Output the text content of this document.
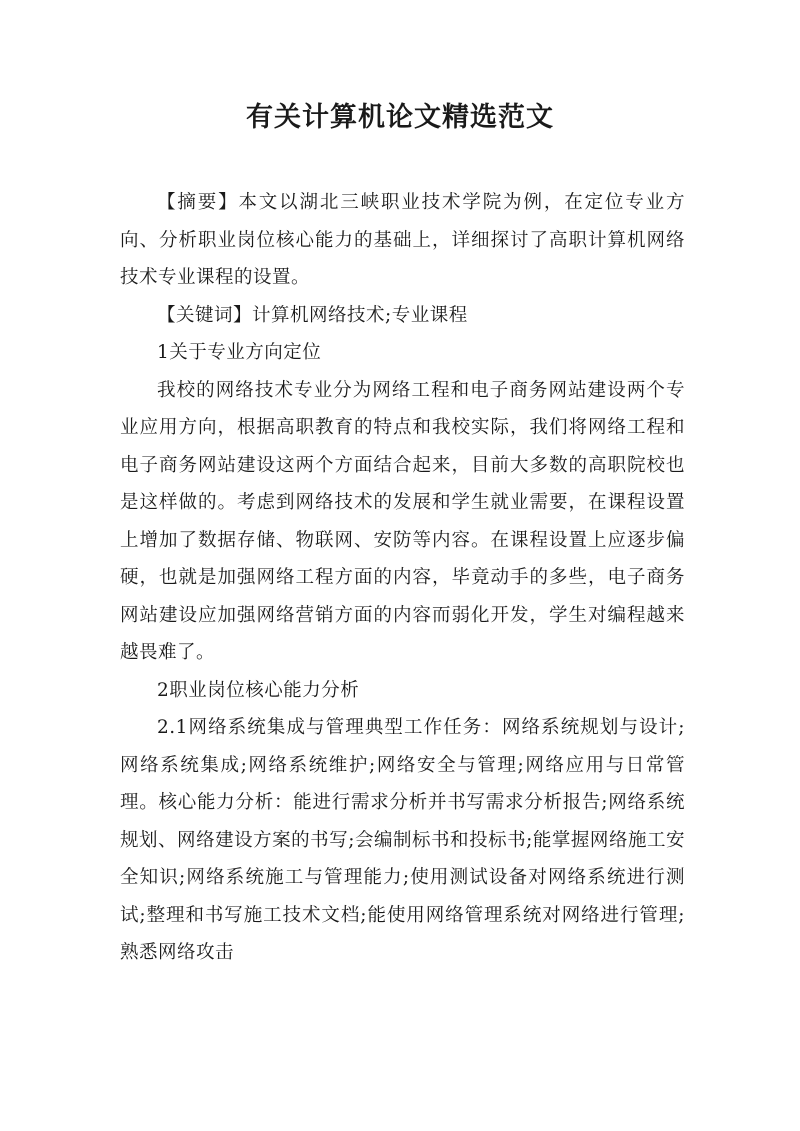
有关计算机论文精选范文

【摘要】本文以湖北三峡职业技术学院为例，在定位专业方向、分析职业岗位核心能力的基础上，详细探讨了高职计算机网络技术专业课程的设置。

【关键词】计算机网络技术;专业课程

1关于专业方向定位

我校的网络技术专业分为网络工程和电子商务网站建设两个专业应用方向，根据高职教育的特点和我校实际，我们将网络工程和电子商务网站建设这两个方面结合起来，目前大多数的高职院校也是这样做的。考虑到网络技术的发展和学生就业需要，在课程设置上增加了数据存储、物联网、安防等内容。在课程设置上应逐步偏硬，也就是加强网络工程方面的内容，毕竟动手的多些，电子商务网站建设应加强网络营销方面的内容而弱化开发，学生对编程越来越畏难了。

2职业岗位核心能力分析

2.1网络系统集成与管理典型工作任务：网络系统规划与设计;网络系统集成;网络系统维护;网络安全与管理;网络应用与日常管理。核心能力分析：能进行需求分析并书写需求分析报告;网络系统规划、网络建设方案的书写;会编制标书和投标书;能掌握网络施工安全知识;网络系统施工与管理能力;使用测试设备对网络系统进行测试;整理和书写施工技术文档;能使用网络管理系统对网络进行管理;熟悉网络攻击
